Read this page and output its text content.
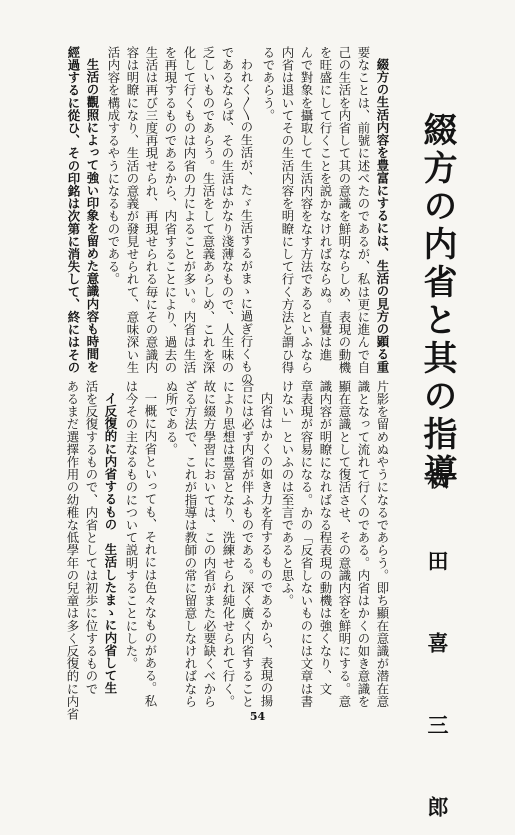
綴方の内省と其の指導
秋 田 喜 三 郎
綴方の生活内容を豊富にするには、生活の見方の顕る重
要なことは、前號に述べたのであるが、私は更に進んで自
己の生活を内省して其の意識を鮮明ならしめ、表現の動機
を旺盛にして行くことを説かなければならぬ。直覺は進
んで對象を攝取して生活内容をなす方法であるといふなら
内省は退いてその生活内容を明瞭にして行く方法と謂ひ得
るであらう。
われく〱の生活が、たゞ生活するがまゝに過ぎ行くもの
であるならば、その生活はかなり淺薄なもので、人生味の
乏しいものであらう。生活をして意義あらしめ、これを深
化して行くものは内省の力によることが多い。内省は生活
を再現するものであるから、内省することにより、過去の
生活は再び三度再現せられ、再現せられる毎にその意識内
容は明瞭になり、生活の意義が發見せられて、意味深い生
活内容を構成するやうになるものである。
生活の觀照によって強い印象を留めた意識内容も時間を
經過するに從ひ、その印銘は次第に消失して、終にはその
片影を留めぬやうになるであらう。即ち顯在意識が潜在意
識となって流れて行くのである。内省はかくの如き意識を
顯在意識として復活させ、その意識内容を鮮明にする。意
識内容が明瞭になればなる程表現の動機は強くなり、文
章表現が容易になる。かの「反省しないものには文章は書
けない」といふのは至言であると思ふ。
内省はかくの如き力を有するものであるから、表現の揚
合には必ず内省が伴ふものである。深く廣く内省すること
により思想は豊富となり、洗練せられ純化せられて行く。
故に綴方學習においては、この内省がまた必要缺くべから
ざる方法で、これが指導は教師の常に留意しなければなら
ぬ所である。
一概に内省といっても、それには色々なものがある。私
は今その主なるものについて説明することにした。
イ反復的に内省するもの　生活したまゝに内省して生
活を反復するもので、内省としては初歩に位するもので
あるまだ選擇作用の幼稚な低學年の兒童は多く反復的に内省	54
